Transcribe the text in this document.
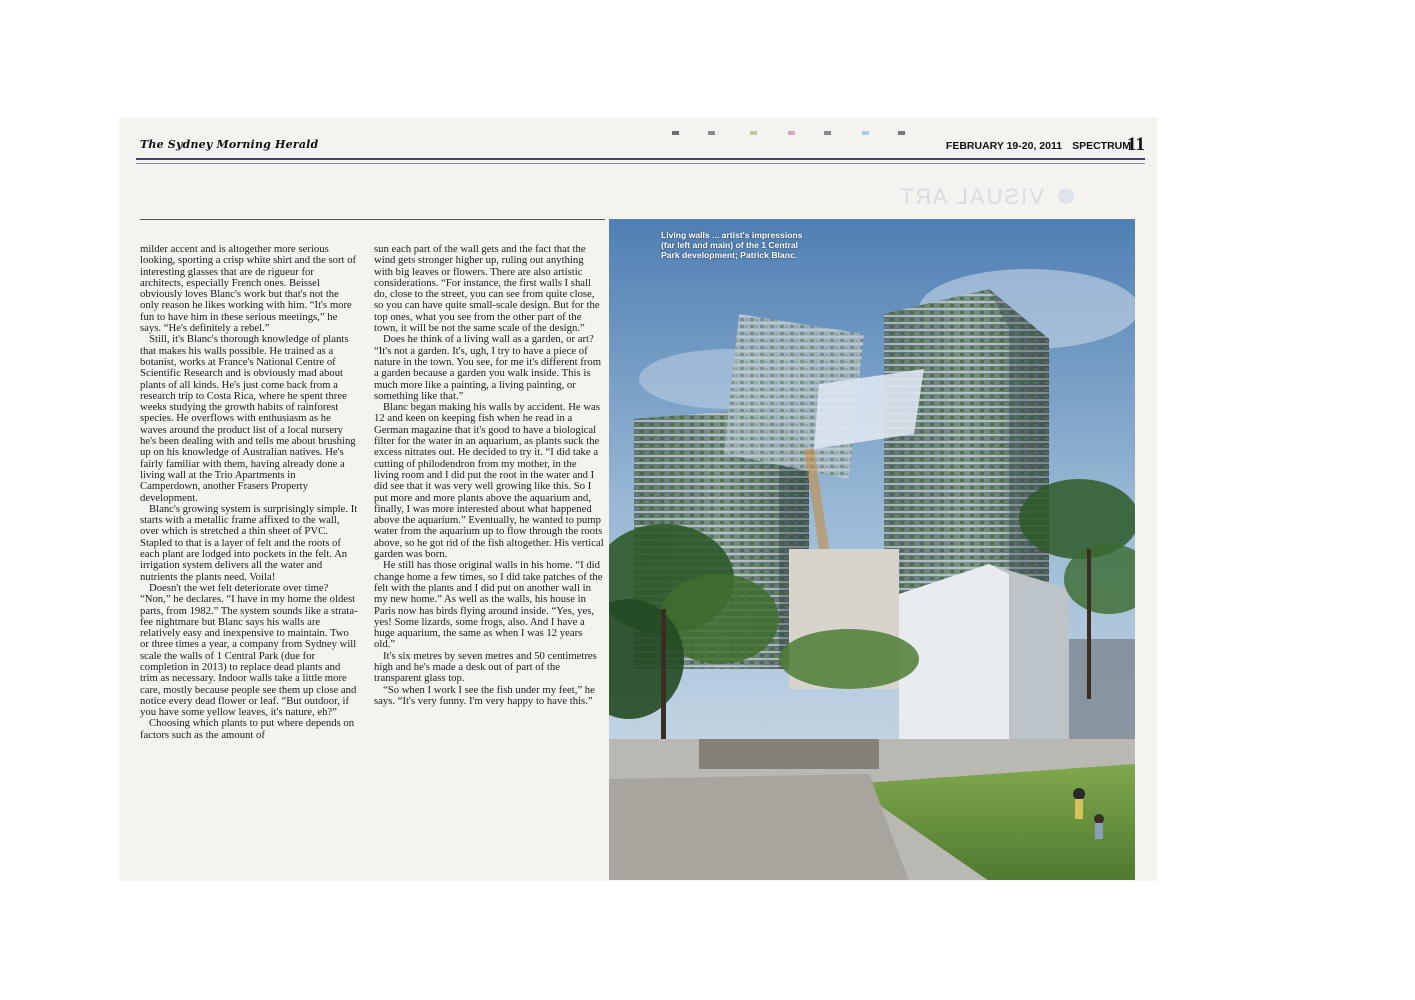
The Sydney Morning Herald	FEBRUARY 19-20, 2011 SPECTRUM
11
VISUAL ART

milder accent and is altogether more serious looking, sporting a crisp white shirt and the sort of interesting glasses that are de rigueur for architects, especially French ones. Beissel obviously loves Blanc's work but that's not the only reason he likes working with him. “It's more fun to have him in these serious meetings,” he says. “He's definitely a rebel.”

Still, it's Blanc's thorough knowledge of plants that makes his walls possible. He trained as a botanist, works at France's National Centre of Scientific Research and is obviously mad about plants of all kinds. He's just come back from a research trip to Costa Rica, where he spent three weeks studying the growth habits of rainforest species. He overflows with enthusiasm as he waves around the product list of a local nursery he's been dealing with and tells me about brushing up on his knowledge of Australian natives. He's fairly familiar with them, having already done a living wall at the Trio Apartments in Camperdown, another Frasers Property development.

Blanc's growing system is surprisingly simple. It starts with a metallic frame affixed to the wall, over which is stretched a thin sheet of PVC. Stapled to that is a layer of felt and the roots of each plant are lodged into pockets in the felt. An irrigation system delivers all the water and nutrients the plants need. Voila!

Doesn't the wet felt deteriorate over time? “Non,” he declares. “I have in my home the oldest parts, from 1982.” The system sounds like a strata-fee nightmare but Blanc says his walls are relatively easy and inexpensive to maintain. Two or three times a year, a company from Sydney will scale the walls of 1 Central Park (due for completion in 2013) to replace dead plants and trim as necessary. Indoor walls take a little more care, mostly because people see them up close and notice every dead flower or leaf. “But outdoor, if you have some yellow leaves, it's nature, eh?”

Choosing which plants to put where depends on factors such as the amount of

sun each part of the wall gets and the fact that the wind gets stronger higher up, ruling out anything with big leaves or flowers. There are also artistic considerations. “For instance, the first walls I shall do, close to the street, you can see from quite close, so you can have quite small-scale design. But for the top ones, what you see from the other part of the town, it will be not the same scale of the design.”

Does he think of a living wall as a garden, or art? “It's not a garden. It's, ugh, I try to have a piece of nature in the town. You see, for me it's different from a garden because a garden you walk inside. This is much more like a painting, a living painting, or something like that.”

Blanc began making his walls by accident. He was 12 and keen on keeping fish when he read in a German magazine that it's good to have a biological filter for the water in an aquarium, as plants suck the excess nitrates out. He decided to try it. “I did take a cutting of philodendron from my mother, in the living room and I did put the root in the water and I did see that it was very well growing like this. So I put more and more plants above the aquarium and, finally, I was more interested about what happened above the aquarium.” Eventually, he wanted to pump water from the aquarium up to flow through the roots above, so he got rid of the fish altogether. His vertical garden was born.

He still has those original walls in his home. “I did change home a few times, so I did take patches of the felt with the plants and I did put on another wall in my new home.” As well as the walls, his house in Paris now has birds flying around inside. “Yes, yes, yes! Some lizards, some frogs, also. And I have a huge aquarium, the same as when I was 12 years old.”

It's six metres by seven metres and 50 centimetres high and he's made a desk out of part of the transparent glass top.

“So when I work I see the fish under my feet,” he says. “It's very funny. I'm very happy to have this.”

Living walls ... artist's impressions (far left and main) of the 1 Central Park development; Patrick Blanc.
